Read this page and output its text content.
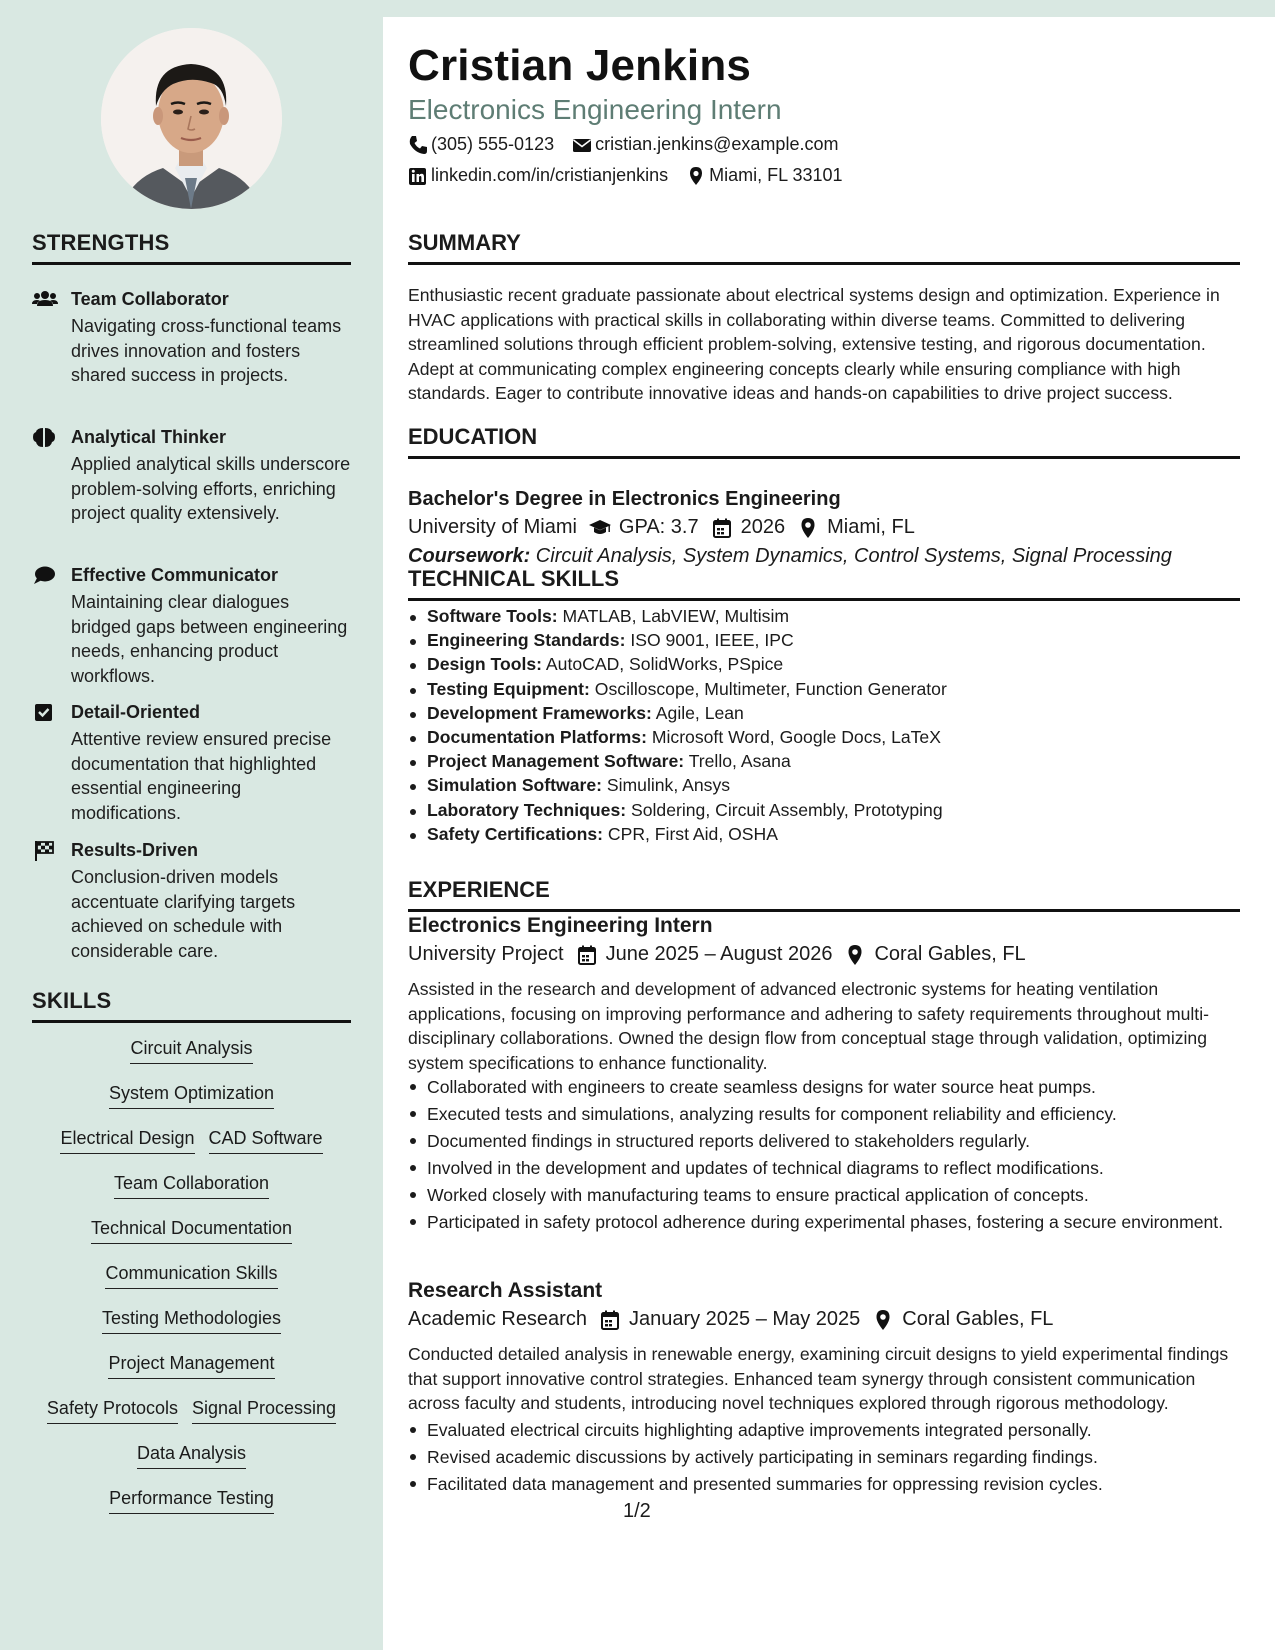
STRENGTHS
Team Collaborator
Navigating cross-functional teams drives innovation and fosters shared success in projects.
Analytical Thinker
Applied analytical skills underscore problem-solving efforts, enriching project quality extensively.
Effective Communicator
Maintaining clear dialogues bridged gaps between engineering needs, enhancing product workflows.
Detail-Oriented
Attentive review ensured precise documentation that highlighted essential engineering modifications.
Results-Driven
Conclusion-driven models accentuate clarifying targets achieved on schedule with considerable care.
SKILLS
Circuit Analysis
System Optimization
Electrical Design CAD Software
Team Collaboration
Technical Documentation
Communication Skills
Testing Methodologies
Project Management
Safety Protocols Signal Processing
Data Analysis
Performance Testing
Cristian Jenkins
Electronics Engineering Intern
(305) 555-0123 cristian.jenkins@example.com
linkedin.com/in/cristianjenkins Miami, FL 33101
SUMMARY
Enthusiastic recent graduate passionate about electrical systems design and optimization. Experience in HVAC applications with practical skills in collaborating within diverse teams. Committed to delivering streamlined solutions through efficient problem-solving, extensive testing, and rigorous documentation. Adept at communicating complex engineering concepts clearly while ensuring compliance with high standards. Eager to contribute innovative ideas and hands-on capabilities to drive project success.
EDUCATION
Bachelor's Degree in Electronics Engineering
University of Miami GPA: 3.7 2026 Miami, FL
Coursework: Circuit Analysis, System Dynamics, Control Systems, Signal Processing
TECHNICAL SKILLS
Software Tools: MATLAB, LabVIEW, Multisim
Engineering Standards: ISO 9001, IEEE, IPC
Design Tools: AutoCAD, SolidWorks, PSpice
Testing Equipment: Oscilloscope, Multimeter, Function Generator
Development Frameworks: Agile, Lean
Documentation Platforms: Microsoft Word, Google Docs, LaTeX
Project Management Software: Trello, Asana
Simulation Software: Simulink, Ansys
Laboratory Techniques: Soldering, Circuit Assembly, Prototyping
Safety Certifications: CPR, First Aid, OSHA
EXPERIENCE
Electronics Engineering Intern
University Project June 2025 – August 2026 Coral Gables, FL
Assisted in the research and development of advanced electronic systems for heating ventilation applications, focusing on improving performance and adhering to safety requirements throughout multi-disciplinary collaborations. Owned the design flow from conceptual stage through validation, optimizing system specifications to enhance functionality.
Collaborated with engineers to create seamless designs for water source heat pumps.
Executed tests and simulations, analyzing results for component reliability and efficiency.
Documented findings in structured reports delivered to stakeholders regularly.
Involved in the development and updates of technical diagrams to reflect modifications.
Worked closely with manufacturing teams to ensure practical application of concepts.
Participated in safety protocol adherence during experimental phases, fostering a secure environment.
Research Assistant
Academic Research January 2025 – May 2025 Coral Gables, FL
Conducted detailed analysis in renewable energy, examining circuit designs to yield experimental findings that support innovative control strategies. Enhanced team synergy through consistent communication across faculty and students, introducing novel techniques explored through rigorous methodology.
Evaluated electrical circuits highlighting adaptive improvements integrated personally.
Revised academic discussions by actively participating in seminars regarding findings.
Facilitated data management and presented summaries for oppressing revision cycles.
1/2
